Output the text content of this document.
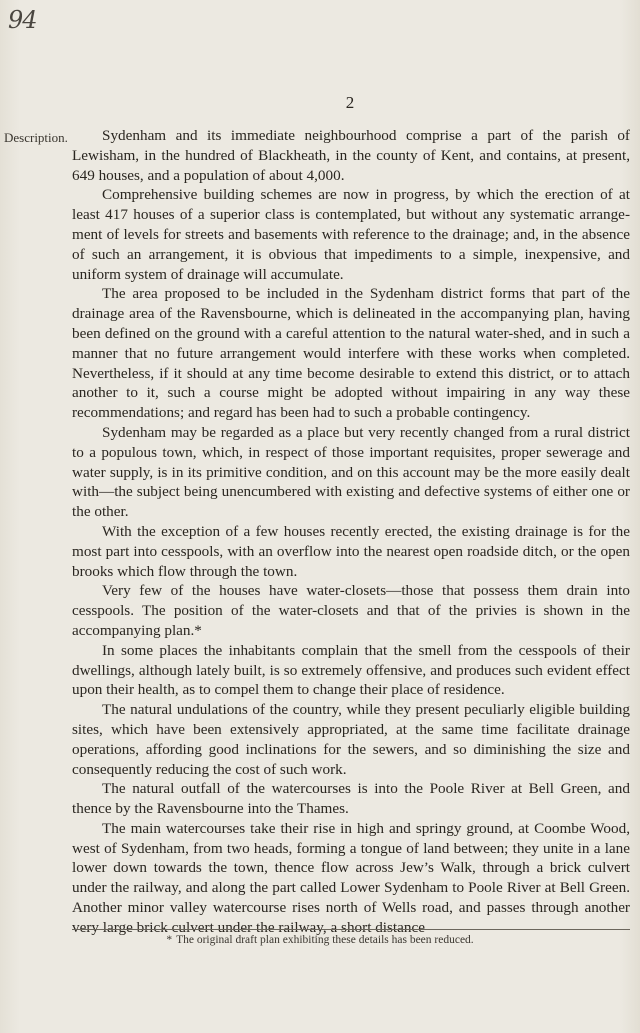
94
2
Description.	Sydenham and its immediate neighbourhood comprise a part of the parish of Lewisham, in the hundred of Blackheath, in the county of Kent, and contains, at present, 649 houses, and a population of about 4,000.

Comprehensive building schemes are now in progress, by which the erection of at least 417 houses of a superior class is contemplated, but without any systematic arrangement of levels for streets and basements with reference to the drainage; and, in the absence of such an arrangement, it is obvious that impediments to a simple, inexpensive, and uniform system of drainage will accumulate.

The area proposed to be included in the Sydenham district forms that part of the drainage area of the Ravensbourne, which is delineated in the accompanying plan, having been defined on the ground with a careful attention to the natural water-shed, and in such a manner that no future arrangement would interfere with these works when completed. Nevertheless, if it should at any time become desirable to extend this district, or to attach another to it, such a course might be adopted without impairing in any way these recommendations; and regard has been had to such a probable contingency.

Sydenham may be regarded as a place but very recently changed from a rural district to a populous town, which, in respect of those important requisites, proper sewerage and water supply, is in its primitive condition, and on this account may be the more easily dealt with—the subject being unencumbered with existing and defective systems of either one or the other.

With the exception of a few houses recently erected, the existing drainage is for the most part into cesspools, with an overflow into the nearest open roadside ditch, or the open brooks which flow through the town.

Very few of the houses have water-closets—those that possess them drain into cesspools. The position of the water-closets and that of the privies is shown in the accompanying plan.*

In some places the inhabitants complain that the smell from the cesspools of their dwellings, although lately built, is so extremely offensive, and produces such evident effect upon their health, as to compel them to change their place of residence.

The natural undulations of the country, while they present peculiarly eligible building sites, which have been extensively appropriated, at the same time facilitate drainage operations, affording good inclinations for the sewers, and so diminishing the size and consequently reducing the cost of such work.

The natural outfall of the watercourses is into the Poole River at Bell Green, and thence by the Ravensbourne into the Thames.

The main watercourses take their rise in high and springy ground, at Coombe Wood, west of Sydenham, from two heads, forming a tongue of land between; they unite in a lane lower down towards the town, thence flow across Jew’s Walk, through a brick culvert under the railway, and along the part called Lower Sydenham to Poole River at Bell Green. Another minor valley watercourse rises north of Wells road, and passes through another very large brick culvert under the railway, a short distance

* The original draft plan exhibiting these details has been reduced.
